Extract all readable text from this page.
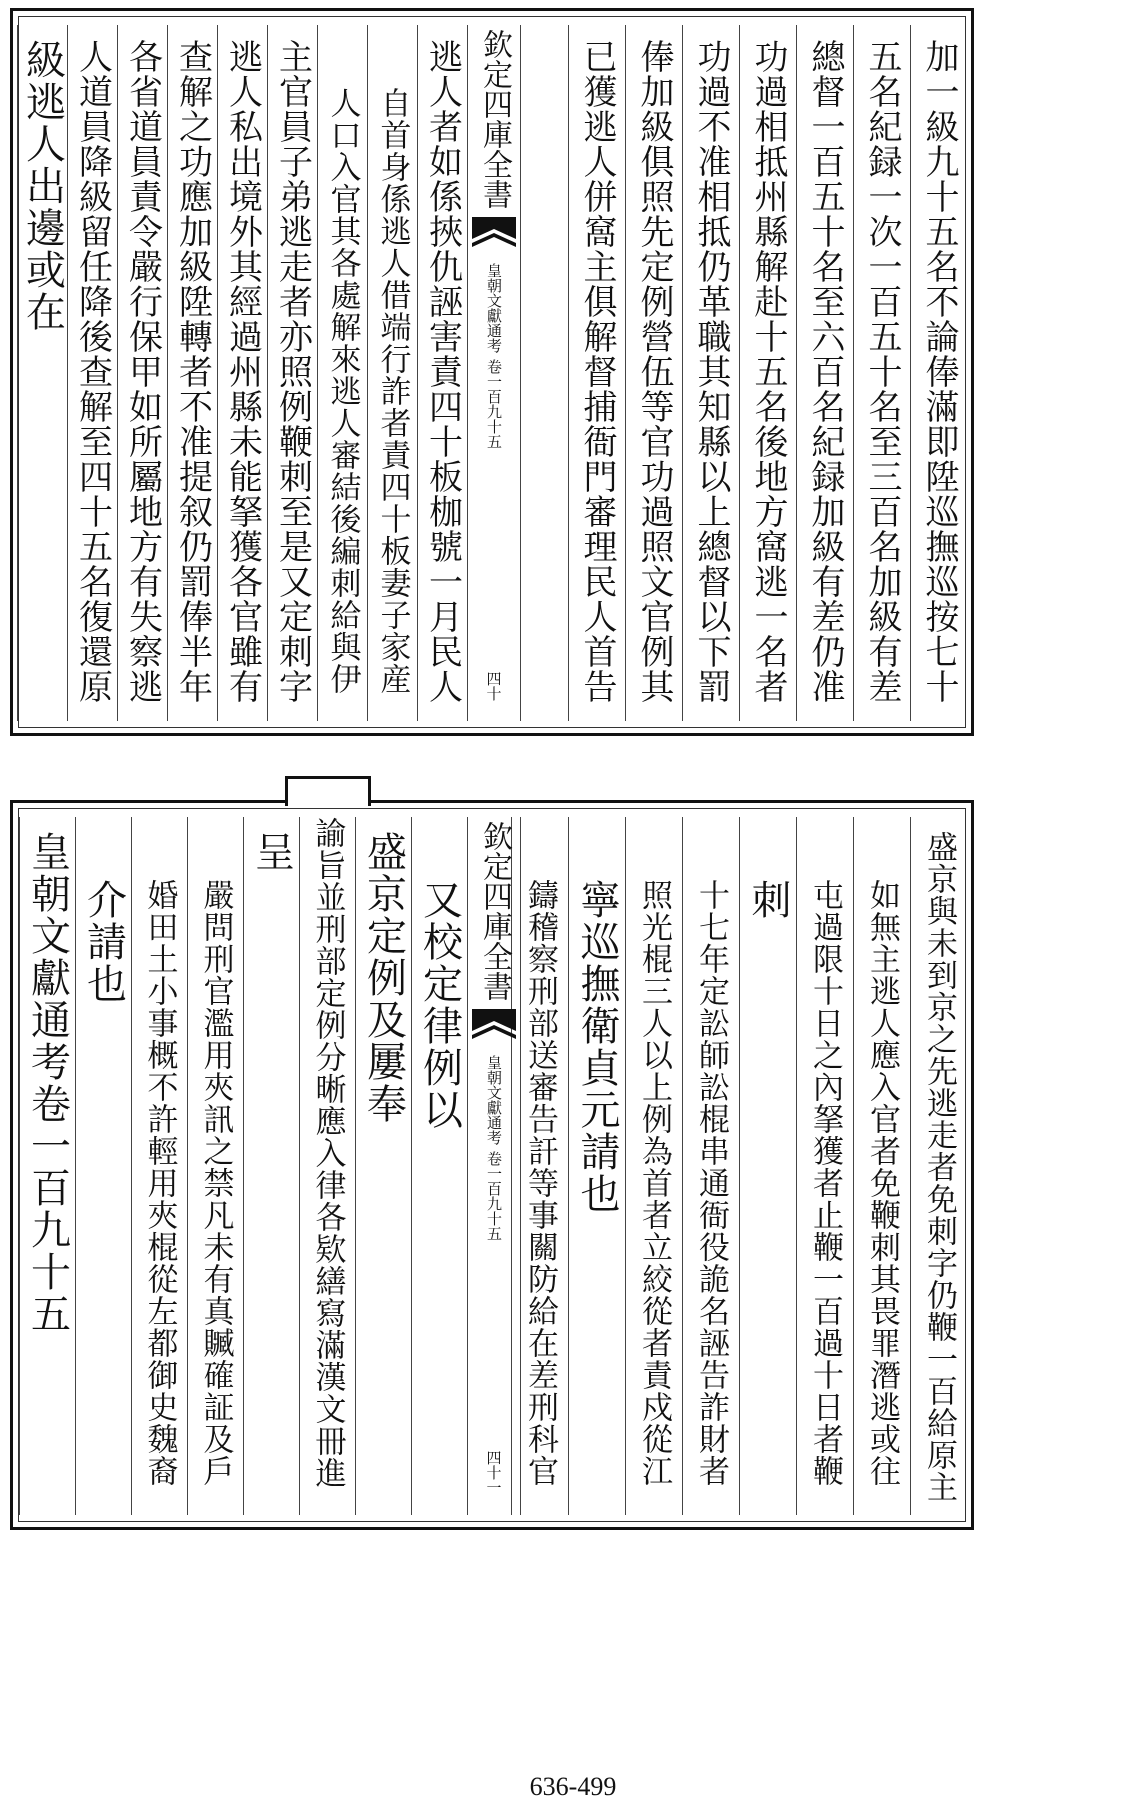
加一級九十五名不論俸滿即陞巡撫巡按七十
五名紀録一次一百五十名至三百名加級有差
總督一百五十名至六百名紀録加級有差仍准
功過相抵州縣解赴十五名後地方窩逃一名者
功過不准相抵仍革職其知縣以上總督以下罰
俸加級俱照先定例營伍等官功過照文官例其
已獲逃人併窩主俱解督捕衙門審理民人首告
逃人者如係挾仇誣害責四十板枷號一月民人
自首身係逃人借端行詐者責四十板妻子家産
人口入官其各處解來逃人審結後編刺給與伊
主官員子弟逃走者亦照例鞭刺至是又定刺字
逃人私出境外其經過州縣未能拏獲各官雖有
查解之功應加級陞轉者不准提叙仍罰俸半年
各省道員責令嚴行保甲如所屬地方有失察逃
人道員降級留任降後查解至四十五名復還原
級逃人出邊或在	欽定四庫全書
皇朝文獻通考
卷一百九十五
四十
盛京與未到京之先逃走者免刺字仍鞭一百給原主
如無主逃人應入官者免鞭刺其畏罪潛逃或往
屯過限十日之內拏獲者止鞭一百過十日者鞭
刺
十七年定訟師訟棍串通衙役詭名誣告詐財者
照光棍三人以上例為首者立絞從者責戍從江
寧巡撫衛貞元請也
鑄稽察刑部送審告訐等事關防給在差刑科官
又校定律例以
盛京定例及屢奉
諭旨並刑部定例分晰應入律各欵繕寫滿漢文冊進
呈
嚴問刑官濫用夾訊之禁凡未有真贓確証及戶
婚田土小事概不許輕用夾棍從左都御史魏裔
介請也
皇朝文獻通考卷一百九十五	欽定四庫全書
皇朝文獻通考
卷一百九十五
四十一
636-499
